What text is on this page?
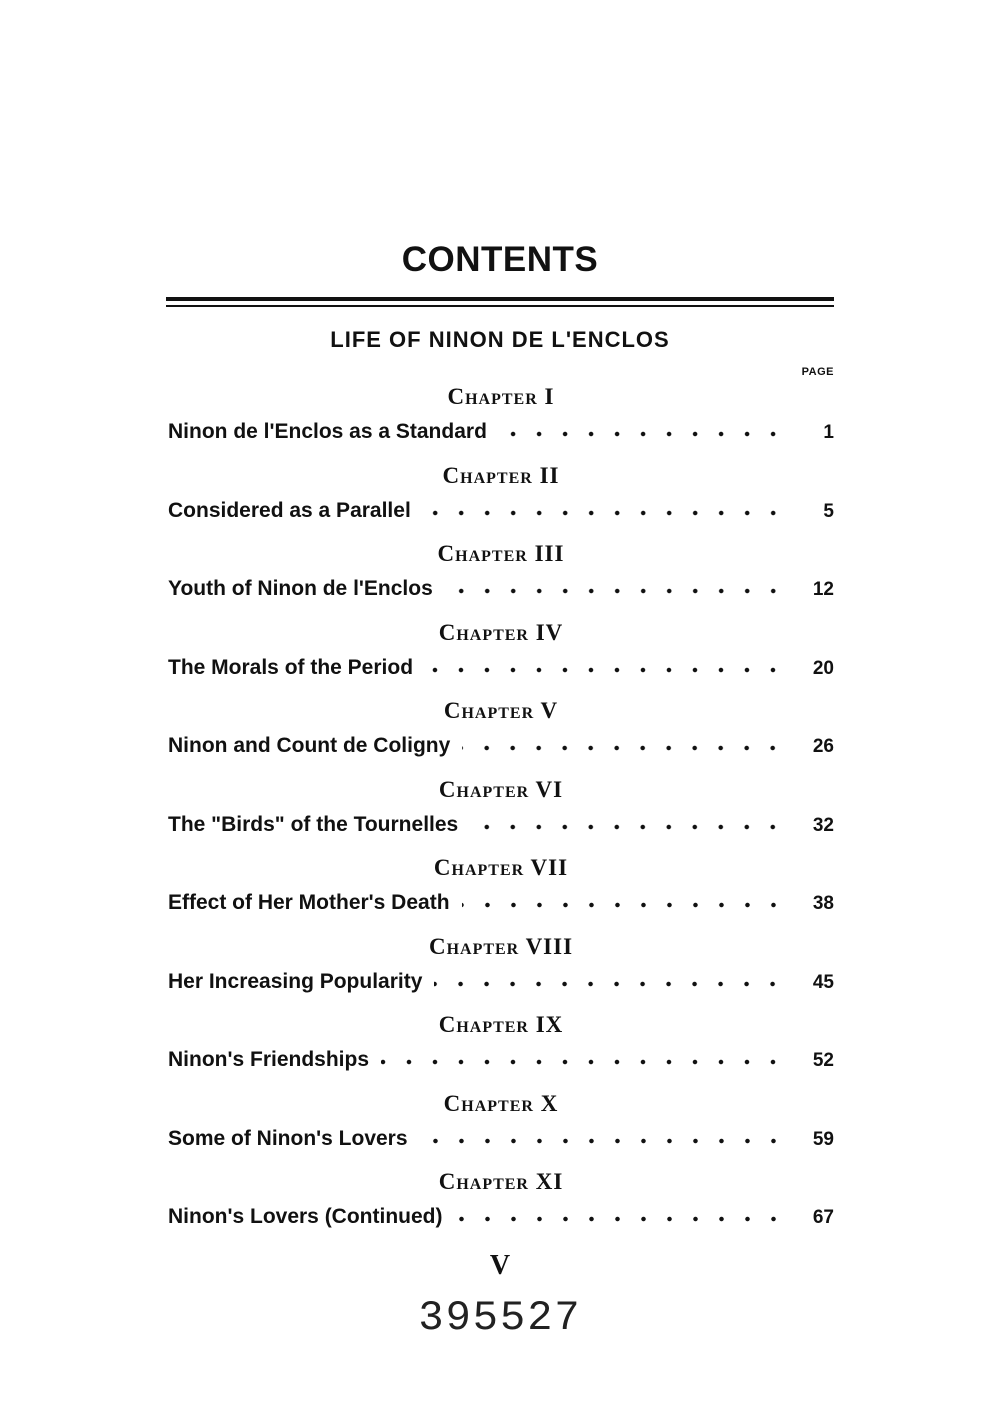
CONTENTS
LIFE OF NINON DE L'ENCLOS
PAGE
Chapter I
Ninon de l'Enclos as a Standard	1
Chapter II
Considered as a Parallel	5
Chapter III
Youth of Ninon de l'Enclos	12
Chapter IV
The Morals of the Period	20
Chapter V
Ninon and Count de Coligny	26
Chapter VI
The "Birds" of the Tournelles	32
Chapter VII
Effect of Her Mother's Death	38
Chapter VIII
Her Increasing Popularity	45
Chapter IX
Ninon's Friendships	52
Chapter X
Some of Ninon's Lovers	59
Chapter XI
Ninon's Lovers (Continued)	67
V
395527
